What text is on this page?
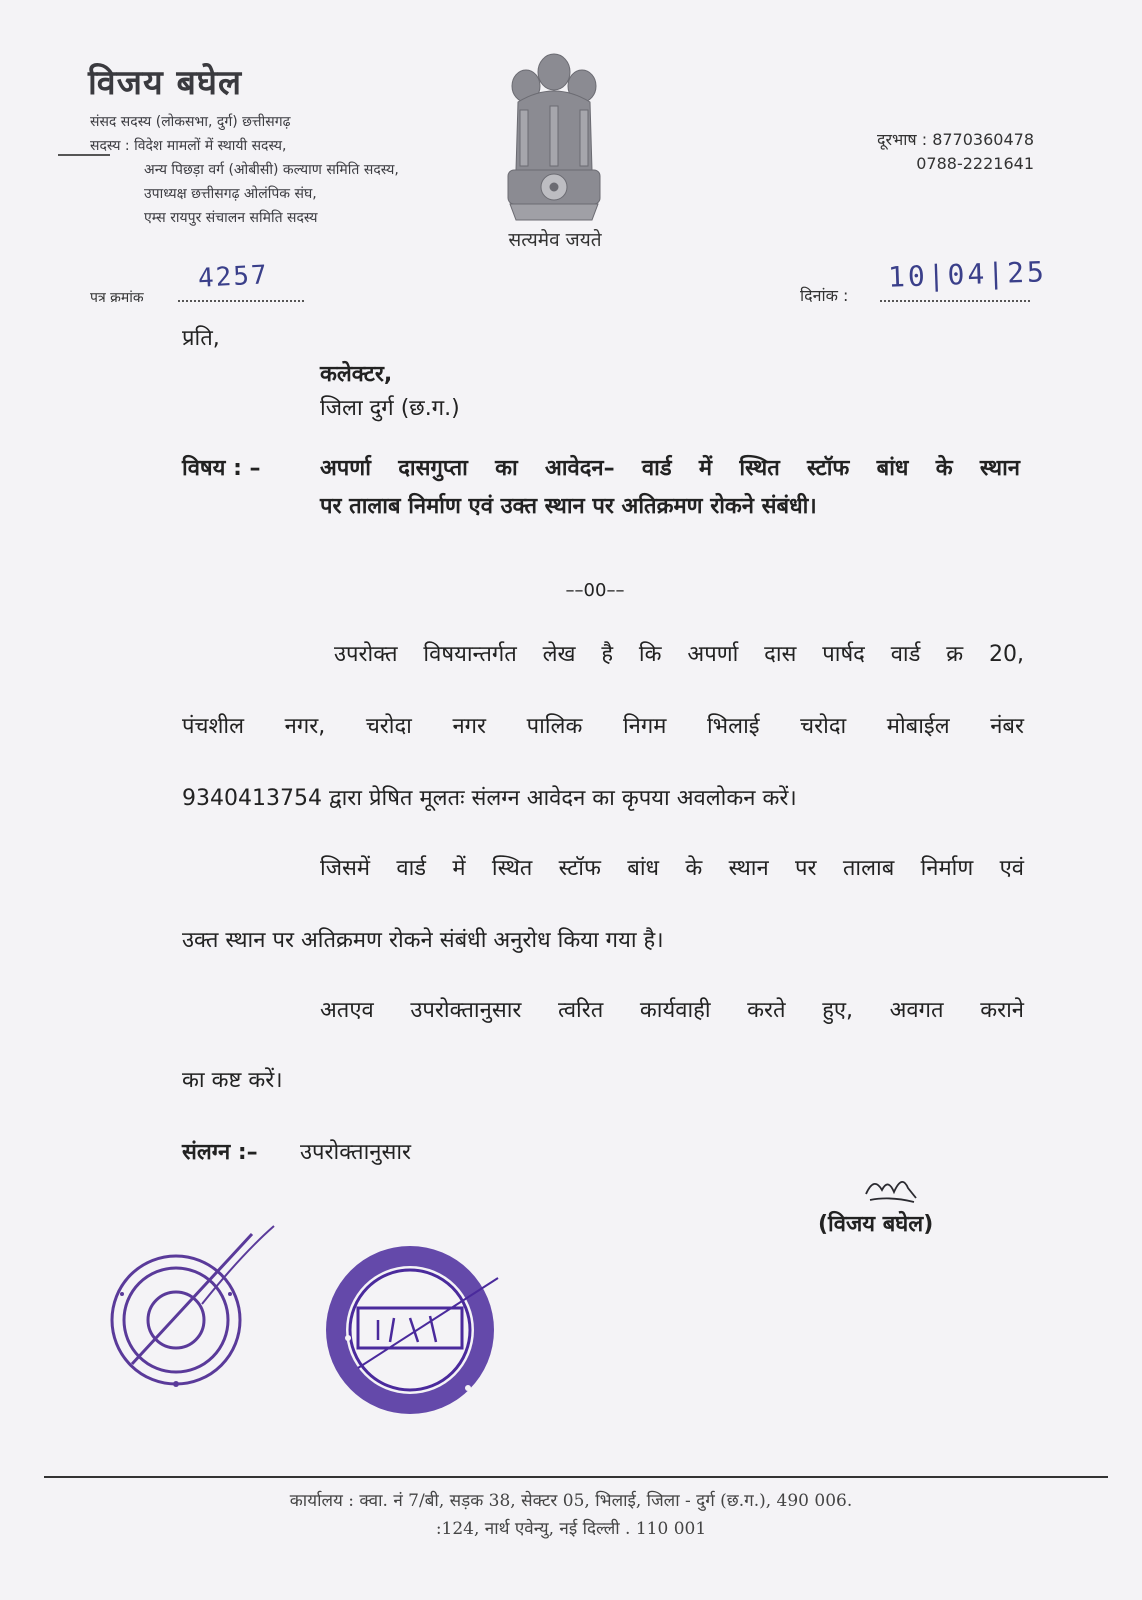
विजय बघेल
संसद सदस्य (लोकसभा, दुर्ग) छत्तीसगढ़
सदस्य : विदेश मामलों में स्थायी सदस्य,
अन्य पिछड़ा वर्ग (ओबीसी) कल्याण समिति सदस्य,
उपाध्यक्ष छत्तीसगढ़ ओलंपिक संघ,
एम्स रायपुर संचालन समिति सदस्य
सत्यमेव जयते
दूरभाष : 8770360478
0788-2221641
पत्र क्रमांक
4257
दिनांक :
10|04|25
प्रति,
कलेक्टर,
जिला दुर्ग (छ.ग.)
विषय : –	अपर्णा दासगुप्ता का आवेदन– वार्ड में स्थित स्टॉफ बांध के स्थान
पर तालाब निर्माण एवं उक्त स्थान पर अतिक्रमण रोकने संबंधी।
––00––
उपरोक्त विषयान्तर्गत लेख है कि अपर्णा दास पार्षद वार्ड क्र 20,
पंचशील नगर, चरोदा नगर पालिक निगम भिलाई चरोदा मोबाईल नंबर
9340413754 द्वारा प्रेषित मूलतः संलग्न आवेदन का कृपया अवलोकन करें।
जिसमें वार्ड में स्थित स्टॉफ बांध के स्थान पर तालाब निर्माण एवं
उक्त स्थान पर अतिक्रमण रोकने संबंधी अनुरोध किया गया है।
अतएव उपरोक्तानुसार त्वरित कार्यवाही करते हुए, अवगत कराने
का कष्ट करें।
संलग्न :– उपरोक्तानुसार
(विजय बघेल)
कार्यालय : क्वा. नं 7/बी, सड़क 38, सेक्टर 05, भिलाई, जिला - दुर्ग (छ.ग.), 490 006.
:124, नार्थ एवेन्यु, नई दिल्ली . 110 001
